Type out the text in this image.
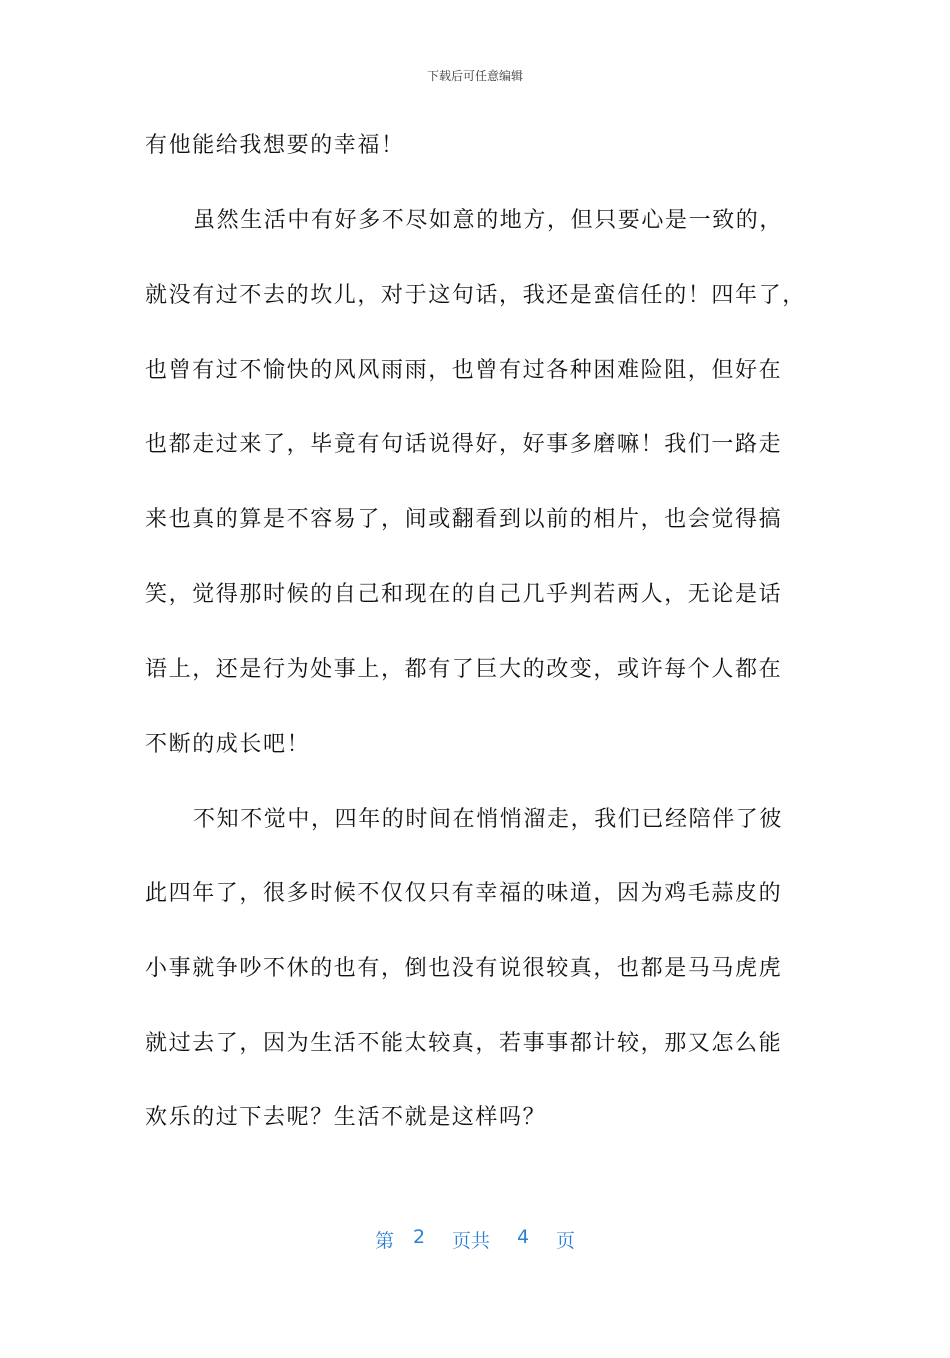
下载后可任意编辑
有他能给我想要的幸福！
虽然生活中有好多不尽如意的地方，但只要心是一致的，
就没有过不去的坎儿，对于这句话，我还是蛮信任的！四年了，
也曾有过不愉快的风风雨雨，也曾有过各种困难险阻，但好在
也都走过来了，毕竟有句话说得好，好事多磨嘛！我们一路走
来也真的算是不容易了，间或翻看到以前的相片，也会觉得搞
笑，觉得那时候的自己和现在的自己几乎判若两人，无论是话
语上，还是行为处事上，都有了巨大的改变，或许每个人都在
不断的成长吧！
不知不觉中，四年的时间在悄悄溜走，我们已经陪伴了彼
此四年了，很多时候不仅仅只有幸福的味道，因为鸡毛蒜皮的
小事就争吵不休的也有，倒也没有说很较真，也都是马马虎虎
就过去了，因为生活不能太较真，若事事都计较，那又怎么能
欢乐的过下去呢？生活不就是这样吗？

第

2

页共

4

页
